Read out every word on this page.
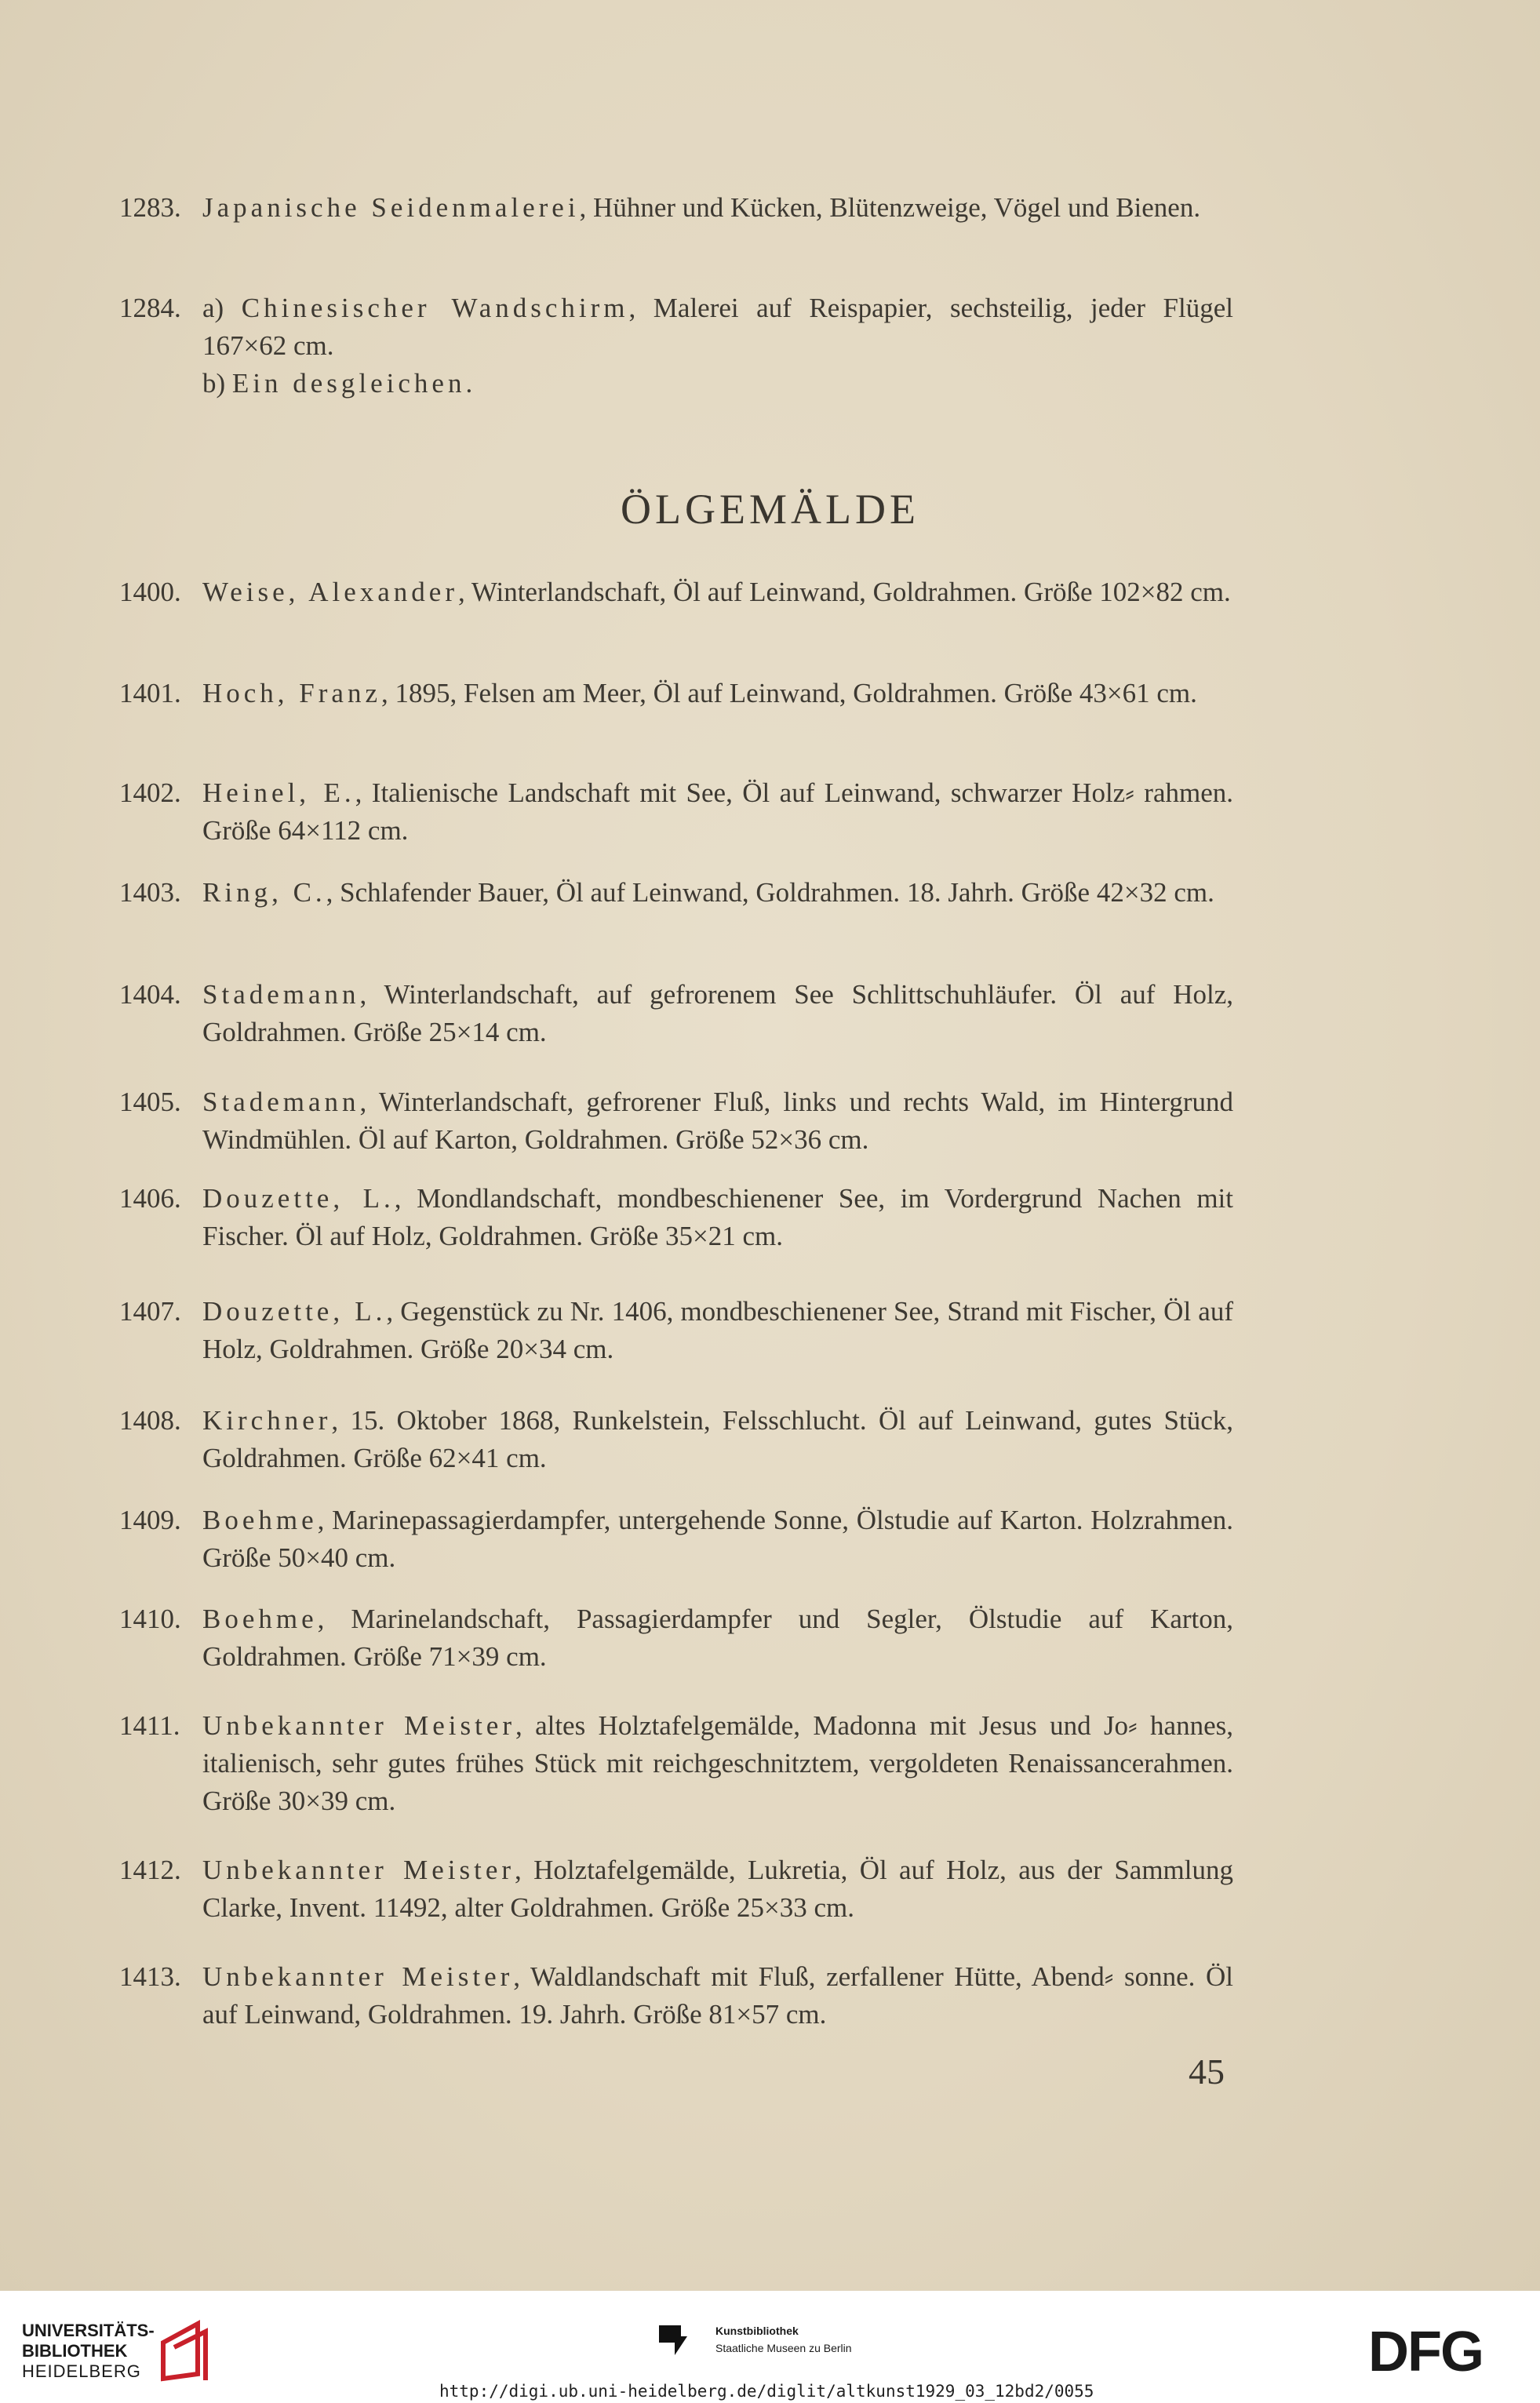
1283. Japanische Seidenmalerei, Hühner und Kücken, Blütenzweige, Vögel und Bienen.
1284. a) Chinesischer Wandschirm, Malerei auf Reispapier, sechsteilig, jeder Flügel 167×62 cm.
b) Ein desgleichen.
ÖLGEMÄLDE
1400. Weise, Alexander, Winterlandschaft, Öl auf Leinwand, Goldrahmen. Größe 102×82 cm.
1401. Hoch, Franz, 1895, Felsen am Meer, Öl auf Leinwand, Goldrahmen. Größe 43×61 cm.
1402. Heinel, E., Italienische Landschaft mit See, Öl auf Leinwand, schwarzer Holz⸗ rahmen. Größe 64×112 cm.
1403. Ring, C., Schlafender Bauer, Öl auf Leinwand, Goldrahmen. 18. Jahrh. Größe 42×32 cm.
1404. Stademann, Winterlandschaft, auf gefrorenem See Schlittschuhläufer. Öl auf Holz, Goldrahmen. Größe 25×14 cm.
1405. Stademann, Winterlandschaft, gefrorener Fluß, links und rechts Wald, im Hintergrund Windmühlen. Öl auf Karton, Goldrahmen. Größe 52×36 cm.
1406. Douzette, L., Mondlandschaft, mondbeschienener See, im Vordergrund Nachen mit Fischer. Öl auf Holz, Goldrahmen. Größe 35×21 cm.
1407. Douzette, L., Gegenstück zu Nr. 1406, mondbeschienener See, Strand mit Fischer, Öl auf Holz, Goldrahmen. Größe 20×34 cm.
1408. Kirchner, 15. Oktober 1868, Runkelstein, Felsschlucht. Öl auf Leinwand, gutes Stück, Goldrahmen. Größe 62×41 cm.
1409. Boehme, Marinepassagierdampfer, untergehende Sonne, Ölstudie auf Karton. Holzrahmen. Größe 50×40 cm.
1410. Boehme, Marinelandschaft, Passagierdampfer und Segler, Ölstudie auf Karton, Goldrahmen. Größe 71×39 cm.
1411. Unbekannter Meister, altes Holztafelgemälde, Madonna mit Jesus und Jo⸗ hannes, italienisch, sehr gutes frühes Stück mit reichgeschnitztem, vergoldeten Renaissancerahmen. Größe 30×39 cm.
1412. Unbekannter Meister, Holztafelgemälde, Lukretia, Öl auf Holz, aus der Sammlung Clarke, Invent. 11492, alter Goldrahmen. Größe 25×33 cm.
1413. Unbekannter Meister, Waldlandschaft mit Fluß, zerfallener Hütte, Abend⸗ sonne. Öl auf Leinwand, Goldrahmen. 19. Jahrh. Größe 81×57 cm.
45
UNIVERSITÄTS-
BIBLIOTHEK
HEIDELBERG
Kunstbibliothek
Staatliche Museen zu Berlin	DFG
http://digi.ub.uni-heidelberg.de/diglit/altkunst1929_03_12bd2/0055
